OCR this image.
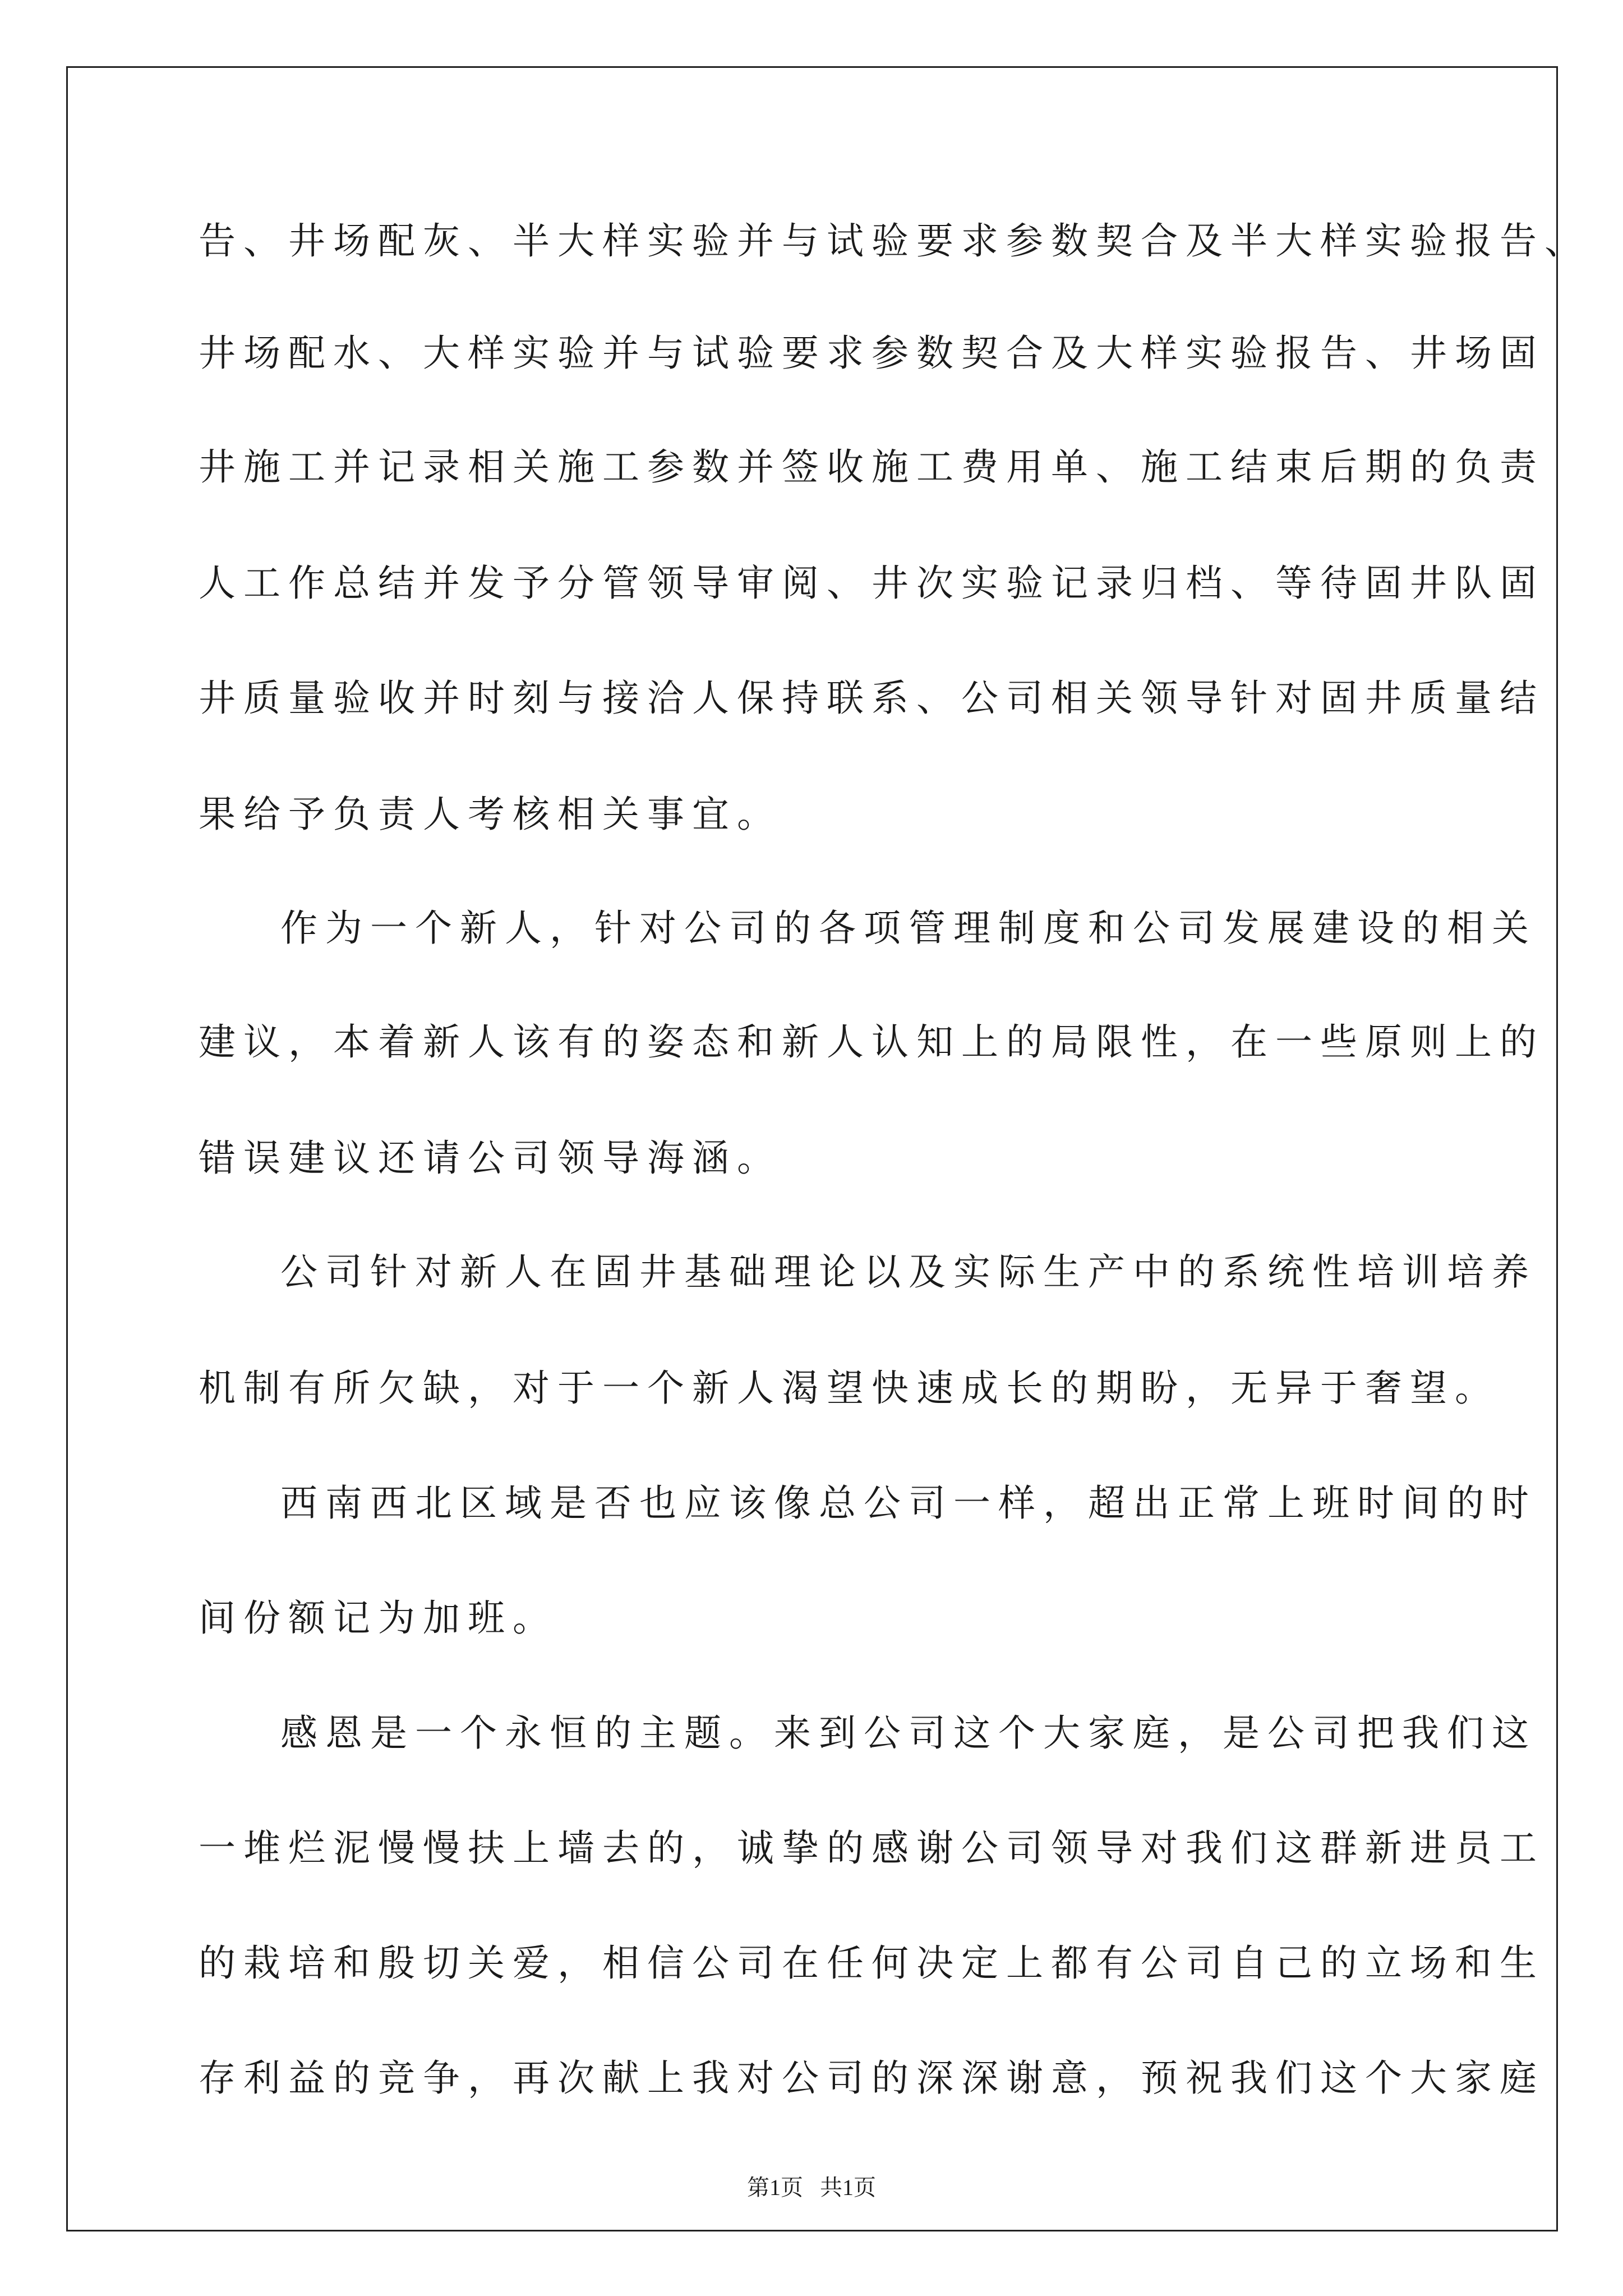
告、井场配灰、半大样实验并与试验要求参数契合及半大样实验报告、
井场配水、大样实验并与试验要求参数契合及大样实验报告、井场固
井施工并记录相关施工参数并签收施工费用单、施工结束后期的负责
人工作总结并发予分管领导审阅、井次实验记录归档、等待固井队固
井质量验收并时刻与接洽人保持联系、公司相关领导针对固井质量结
果给予负责人考核相关事宜。
作为一个新人，针对公司的各项管理制度和公司发展建设的相关
建议，本着新人该有的姿态和新人认知上的局限性，在一些原则上的
错误建议还请公司领导海涵。
公司针对新人在固井基础理论以及实际生产中的系统性培训培养
机制有所欠缺，对于一个新人渴望快速成长的期盼，无异于奢望。
西南西北区域是否也应该像总公司一样，超出正常上班时间的时
间份额记为加班。
感恩是一个永恒的主题。来到公司这个大家庭，是公司把我们这
一堆烂泥慢慢扶上墙去的，诚挚的感谢公司领导对我们这群新进员工
的栽培和殷切关爱，相信公司在任何决定上都有公司自己的立场和生
存利益的竞争，再次献上我对公司的深深谢意，预祝我们这个大家庭
第1页   共1页
